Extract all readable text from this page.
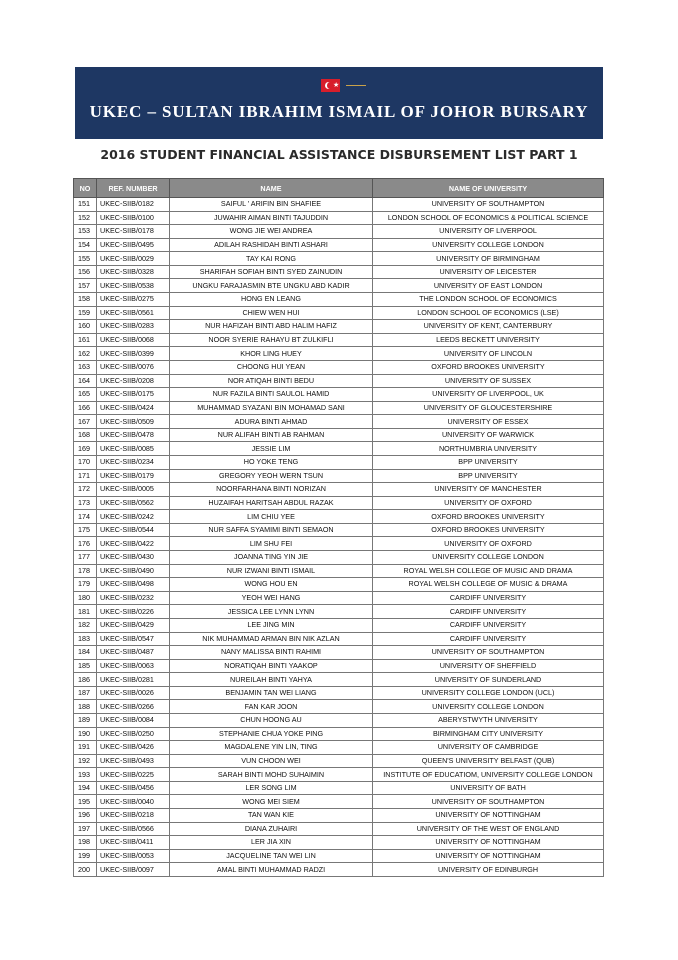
★
UKEC – SULTAN IBRAHIM ISMAIL OF JOHOR BURSARY
2016 STUDENT FINANCIAL ASSISTANCE DISBURSEMENT LIST PART 1
NO	REF. NUMBER	NAME	NAME OF UNIVERSITY
151	UKEC-SIIB/0182	SAIFUL ' ARIFIN BIN SHAFIEE	UNIVERSITY OF SOUTHAMPTON
152	UKEC-SIIB/0100	JUWAHIR AIMAN BINTI TAJUDDIN	LONDON SCHOOL OF ECONOMICS & POLITICAL SCIENCE
153	UKEC-SIIB/0178	WONG JIE WEI ANDREA	UNIVERSITY OF LIVERPOOL
154	UKEC-SIIB/0495	ADILAH RASHIDAH BINTI ASHARI	UNIVERSITY COLLEGE LONDON
155	UKEC-SIIB/0029	TAY KAI RONG	UNIVERSITY OF BIRMINGHAM
156	UKEC-SIIB/0328	SHARIFAH SOFIAH BINTI SYED ZAINUDIN	UNIVERSITY OF LEICESTER
157	UKEC-SIIB/0538	UNGKU FARAJASMIN BTE UNGKU ABD KADIR	UNIVERSITY OF EAST LONDON
158	UKEC-SIIB/0275	HONG EN LEANG	THE LONDON SCHOOL OF ECONOMICS
159	UKEC-SIIB/0561	CHIEW WEN HUI	LONDON SCHOOL OF ECONOMICS (LSE)
160	UKEC-SIIB/0283	NUR HAFIZAH BINTI ABD HALIM HAFIZ	UNIVERSITY OF KENT, CANTERBURY
161	UKEC-SIIB/0068	NOOR SYERIE RAHAYU BT ZULKIFLI	LEEDS BECKETT UNIVERSITY
162	UKEC-SIIB/0399	KHOR LING HUEY	UNIVERSITY OF LINCOLN
163	UKEC-SIIB/0076	CHOONG HUI YEAN	OXFORD BROOKES UNIVERSITY
164	UKEC-SIIB/0208	NOR ATIQAH BINTI BEDU	UNIVERSITY OF SUSSEX
165	UKEC-SIIB/0175	NUR FAZILA BINTI SAULOL HAMID	UNIVERSITY OF LIVERPOOL, UK
166	UKEC-SIIB/0424	MUHAMMAD SYAZANI BIN MOHAMAD SANI	UNIVERSITY OF GLOUCESTERSHIRE
167	UKEC-SIIB/0509	ADURA BINTI AHMAD	UNIVERSITY OF ESSEX
168	UKEC-SIIB/0478	NUR ALIFAH BINTI AB RAHMAN	UNIVERSITY OF WARWICK
169	UKEC-SIIB/0085	JESSIE LIM	NORTHUMBRIA UNIVERSITY
170	UKEC-SIIB/0234	HO YOKE TENG	BPP UNIVERSITY
171	UKEC-SIIB/0179	GREGORY YEOH WERN TSUN	BPP UNIVERSITY
172	UKEC-SIIB/0005	NOORFARHANA BINTI NORIZAN	UNIVERSITY OF MANCHESTER
173	UKEC-SIIB/0562	HUZAIFAH HARITSAH ABDUL RAZAK	UNIVERSITY OF OXFORD
174	UKEC-SIIB/0242	LIM CHIU YEE	OXFORD BROOKES UNIVERSITY
175	UKEC-SIIB/0544	NUR SAFFA SYAMIMI BINTI SEMAON	OXFORD BROOKES UNIVERSITY
176	UKEC-SIIB/0422	LIM SHU FEI	UNIVERSITY OF OXFORD
177	UKEC-SIIB/0430	JOANNA TING YIN JIE	UNIVERSITY COLLEGE LONDON
178	UKEC-SIIB/0490	NUR IZWANI BINTI ISMAIL	ROYAL WELSH COLLEGE OF MUSIC AND DRAMA
179	UKEC-SIIB/0498	WONG HOU EN	ROYAL WELSH COLLEGE OF MUSIC & DRAMA
180	UKEC-SIIB/0232	YEOH WEI HANG	CARDIFF UNIVERSITY
181	UKEC-SIIB/0226	JESSICA LEE LYNN LYNN	CARDIFF UNIVERSITY
182	UKEC-SIIB/0429	LEE JING MIN	CARDIFF UNIVERSITY
183	UKEC-SIIB/0547	NIK MUHAMMAD ARMAN BIN NIK AZLAN	CARDIFF UNIVERSITY
184	UKEC-SIIB/0487	NANY MALISSA BINTI RAHIMI	UNIVERSITY OF SOUTHAMPTON
185	UKEC-SIIB/0063	NORATIQAH BINTI YAAKOP	UNIVERSITY OF SHEFFIELD
186	UKEC-SIIB/0281	NUREILAH BINTI YAHYA	UNIVERSITY OF SUNDERLAND
187	UKEC-SIIB/0026	BENJAMIN TAN WEI LIANG	UNIVERSITY COLLEGE LONDON (UCL)
188	UKEC-SIIB/0266	FAN KAR JOON	UNIVERSITY COLLEGE LONDON
189	UKEC-SIIB/0084	CHUN HOONG AU	ABERYSTWYTH UNIVERSITY
190	UKEC-SIIB/0250	STEPHANIE CHUA YOKE PING	BIRMINGHAM CITY UNIVERSITY
191	UKEC-SIIB/0426	MAGDALENE YIN LIN, TING	UNIVERSITY OF CAMBRIDGE
192	UKEC-SIIB/0493	VUN CHOON WEI	QUEEN'S UNIVERSITY BELFAST (QUB)
193	UKEC-SIIB/0225	SARAH BINTI MOHD SUHAIMIN	INSTITUTE OF EDUCATIOM, UNIVERSITY COLLEGE LONDON
194	UKEC-SIIB/0456	LER SONG LIM	UNIVERSITY OF BATH
195	UKEC-SIIB/0040	WONG MEI SIEM	UNIVERSITY OF SOUTHAMPTON
196	UKEC-SIIB/0218	TAN WAN KIE	UNIVERSITY OF NOTTINGHAM
197	UKEC-SIIB/0566	DIANA ZUHAIRI	UNIVERSITY OF THE WEST OF ENGLAND
198	UKEC-SIIB/0411	LER JIA XIN	UNIVERSITY OF NOTTINGHAM
199	UKEC-SIIB/0053	JACQUELINE TAN WEI LIN	UNIVERSITY OF NOTTINGHAM
200	UKEC-SIIB/0097	AMAL BINTI MUHAMMAD RADZI	UNIVERSITY OF EDINBURGH
